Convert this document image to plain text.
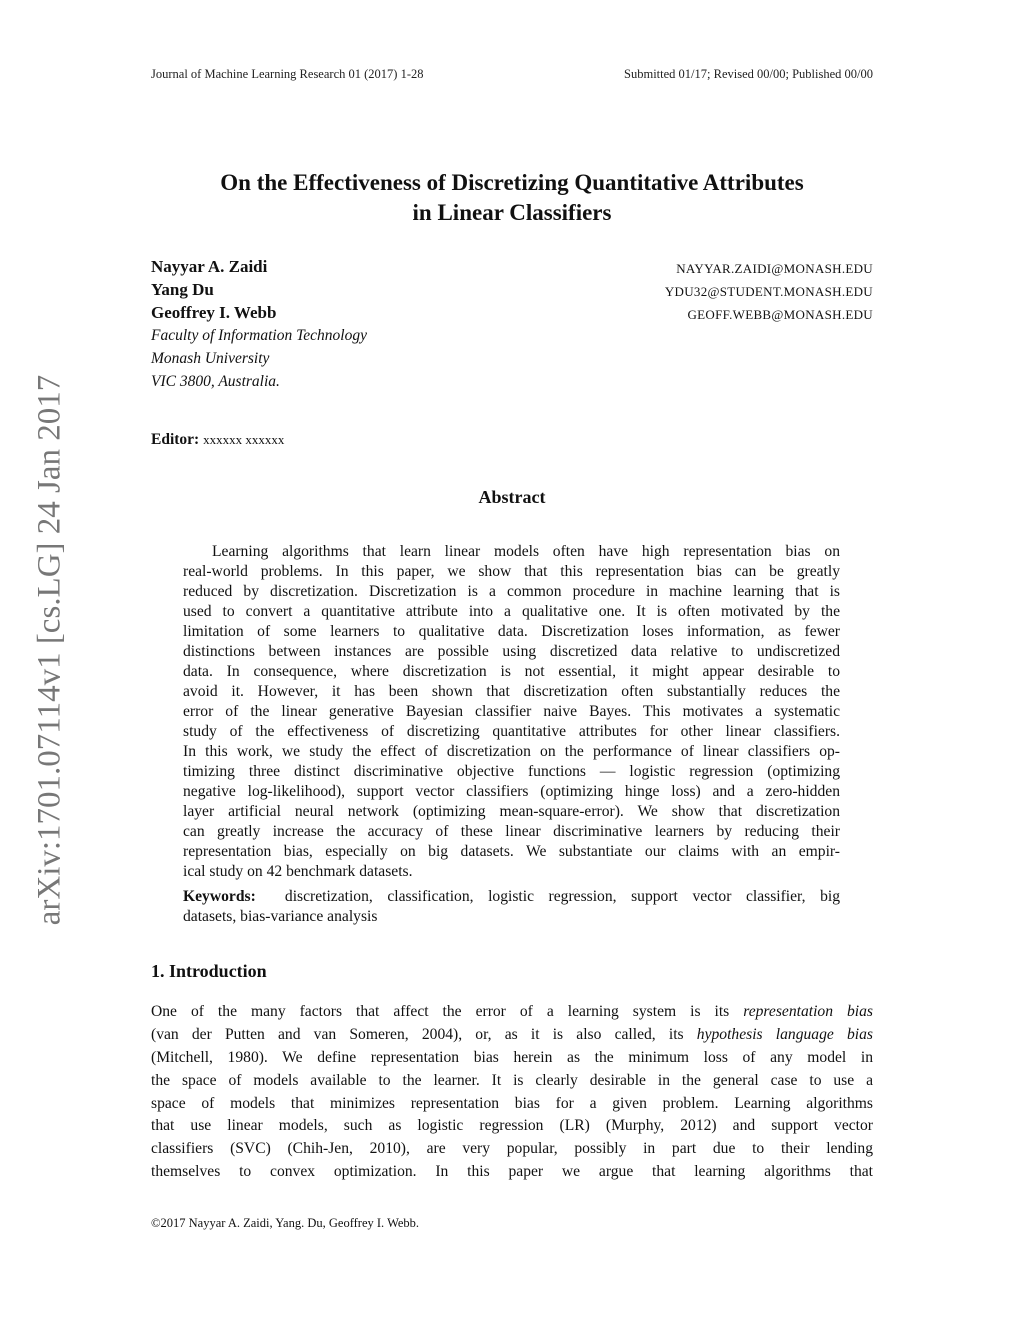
Journal of Machine Learning Research 01 (2017) 1-28	Submitted 01/17; Revised 00/00; Published 00/00
arXiv:1701.07114v1 [cs.LG] 24 Jan 2017
On the Effectiveness of Discretizing Quantitative Attributes
in Linear Classifiers
Nayyar A. Zaidi	NAYYAR.ZAIDI@MONASH.EDU
Yang Du	YDU32@STUDENT.MONASH.EDU
Geoffrey I. Webb	GEOFF.WEBB@MONASH.EDU
Faculty of Information Technology
Monash University
VIC 3800, Australia.
Editor: xxxxxx xxxxxx
Abstract
Learning algorithms that learn linear models often have high representation bias on
real-world problems. In this paper, we show that this representation bias can be greatly
reduced by discretization. Discretization is a common procedure in machine learning that is
used to convert a quantitative attribute into a qualitative one. It is often motivated by the
limitation of some learners to qualitative data. Discretization loses information, as fewer
distinctions between instances are possible using discretized data relative to undiscretized
data. In consequence, where discretization is not essential, it might appear desirable to
avoid it. However, it has been shown that discretization often substantially reduces the
error of the linear generative Bayesian classifier naive Bayes. This motivates a systematic
study of the effectiveness of discretizing quantitative attributes for other linear classifiers.
In this work, we study the effect of discretization on the performance of linear classifiers op-
timizing three distinct discriminative objective functions — logistic regression (optimizing
negative log-likelihood), support vector classifiers (optimizing hinge loss) and a zero-hidden
layer artificial neural network (optimizing mean-square-error). We show that discretization
can greatly increase the accuracy of these linear discriminative learners by reducing their
representation bias, especially on big datasets. We substantiate our claims with an empir-
ical study on 42 benchmark datasets.
Keywords: discretization, classification, logistic regression, support vector classifier, big
datasets, bias-variance analysis
1. Introduction
One of the many factors that affect the error of a learning system is its representation bias
(van der Putten and van Someren, 2004), or, as it is also called, its hypothesis language bias
(Mitchell, 1980). We define representation bias herein as the minimum loss of any model in
the space of models available to the learner. It is clearly desirable in the general case to use a
space of models that minimizes representation bias for a given problem. Learning algorithms
that use linear models, such as logistic regression (LR) (Murphy, 2012) and support vector
classifiers (SVC) (Chih-Jen, 2010), are very popular, possibly in part due to their lending
themselves to convex optimization. In this paper we argue that learning algorithms that
©2017 Nayyar A. Zaidi, Yang. Du, Geoffrey I. Webb.
